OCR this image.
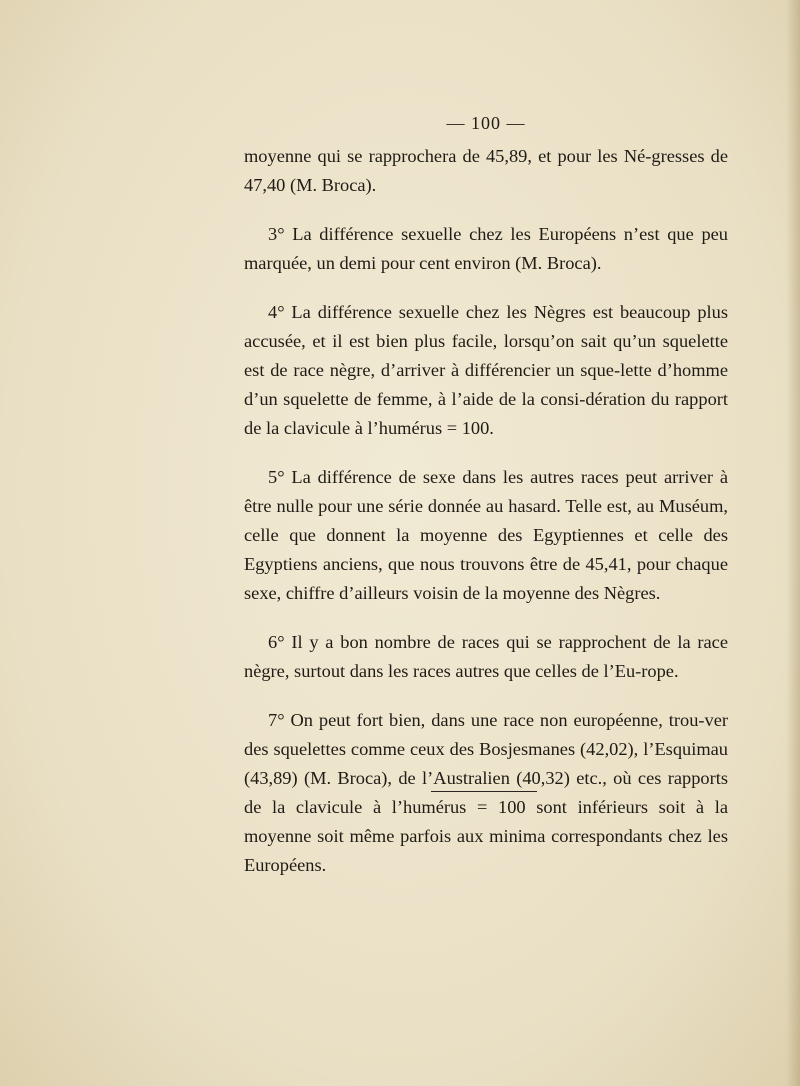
— 100 —

moyenne qui se rapprochera de 45,89, et pour les Né-gresses de 47,40 (M. Broca).

3° La différence sexuelle chez les Européens n’est que peu marquée, un demi pour cent environ (M. Broca).

4° La différence sexuelle chez les Nègres est beaucoup plus accusée, et il est bien plus facile, lorsqu’on sait qu’un squelette est de race nègre, d’arriver à différencier un sque-lette d’homme d’un squelette de femme, à l’aide de la consi-dération du rapport de la clavicule à l’humérus = 100.

5° La différence de sexe dans les autres races peut arriver à être nulle pour une série donnée au hasard. Telle est, au Muséum, celle que donnent la moyenne des Egyptiennes et celle des Egyptiens anciens, que nous trouvons être de 45,41, pour chaque sexe, chiffre d’ailleurs voisin de la moyenne des Nègres.

6° Il y a bon nombre de races qui se rapprochent de la race nègre, surtout dans les races autres que celles de l’Eu-rope.

7° On peut fort bien, dans une race non européenne, trou-ver des squelettes comme ceux des Bosjesmanes (42,02), l’Esquimau (43,89) (M. Broca), de l’Australien (40,32) etc., où ces rapports de la clavicule à l’humérus = 100 sont inférieurs soit à la moyenne soit même parfois aux minima correspondants chez les Européens.
